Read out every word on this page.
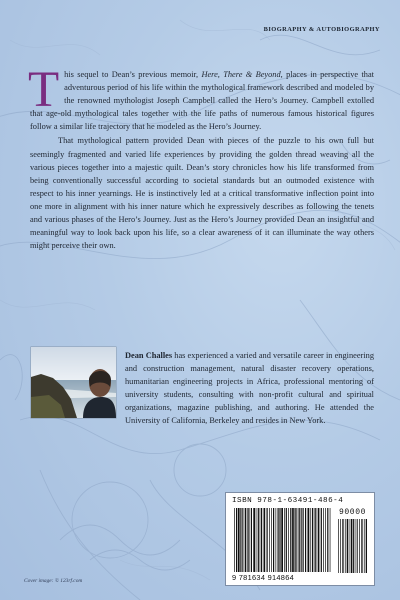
BIOGRAPHY & AUTOBIOGRAPHY

This sequel to Dean’s previous memoir, Here, There & Beyond, places in perspective that adventurous period of his life within the mythological framework described and modeled by the renowned mythologist Joseph Campbell called the Hero’s Journey. Campbell extolled that age-old mythological tales together with the life paths of numerous famous historical figures follow a similar life trajectory that he modeled as the Hero’s Journey.

That mythological pattern provided Dean with pieces of the puzzle to his own full but seemingly fragmented and varied life experiences by providing the golden thread weaving all the various pieces together into a majestic quilt. Dean’s story chronicles how his life transformed from being conventionally successful according to societal standards but an outmoded existence with respect to his inner yearnings. He is instinctively led at a critical transformative inflection point into one more in alignment with his inner nature which he expressively describes as following the tenets and various phases of the Hero’s Journey. Just as the Hero’s Journey provided Dean an insightful and meaningful way to look back upon his life, so a clear awareness of it can illuminate the way others might perceive their own.

Dean Challes has experienced a varied and versatile career in engineering and construction management, natural disaster recovery operations, humanitarian engineering projects in Africa, professional mentoring of university students, consulting with non-profit cultural and spiritual organizations, magazine publishing, and authoring. He attended the University of California, Berkeley and resides in New York.
ISBN 978-1-63491-486-4
90000
9 781634 914864
Cover image: © 123rf.com
